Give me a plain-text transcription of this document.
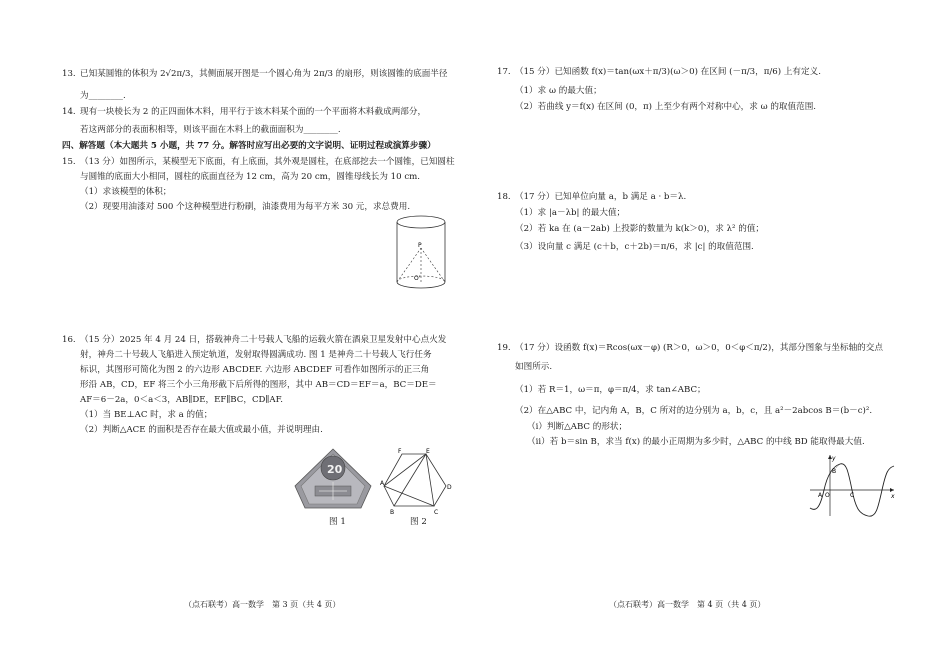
13. 已知某圆锥的体积为 2√2π/3，其侧面展开图是一个圆心角为 2π/3 的扇形，则该圆锥的底面半径
为________.
14. 现有一块棱长为 2 的正四面体木料，用平行于该木料某个面的一个平面将木料截成两部分，
若这两部分的表面积相等，则该平面在木料上的截面面积为________.
四、解答题（本大题共 5 小题，共 77 分。解答时应写出必要的文字说明、证明过程或演算步骤）
15. （13 分）如图所示，某模型无下底面，有上底面，其外观是圆柱，在底部挖去一个圆锥，已知圆柱
与圆锥的底面大小相同，圆柱的底面直径为 12 cm，高为 20 cm，圆锥母线长为 10 cm.
（1）求该模型的体积；
（2）现要用油漆对 500 个这种模型进行粉刷，油漆费用为每平方米 30 元，求总费用.
P
O'
16. （15 分）2025 年 4 月 24 日，搭载神舟二十号载人飞船的运载火箭在酒泉卫星发射中心点火发
射，神舟二十号载人飞船进入预定轨道，发射取得圆满成功. 图 1 是神舟二十号载人飞行任务
标识，其图形可简化为图 2 的六边形 ABCDEF. 六边形 ABCDEF 可看作如图所示的正三角
形沿 AB，CD，EF 将三个小三角形截下后所得的图形，其中 AB＝CD＝EF＝a，BC＝DE＝
AF＝6－2a，0＜a＜3，AB∥DE，EF∥BC，CD∥AF.
（1）当 BE⊥AC 时，求 a 的值；
（2）判断△ACE 的面积是否存在最大值或最小值，并说明理由.
20
图 1
F	E
A
D
B	C
图 2
（点石联考）高一数学　第 3 页（共 4 页）
17. （15 分）已知函数 f(x)＝tan(ωx＋π/3)(ω＞0) 在区间 (－π/3，π/6) 上有定义.
（1）求 ω 的最大值；
（2）若曲线 y＝f(x) 在区间 (0，π) 上至少有两个对称中心，求 ω 的取值范围.
18. （17 分）已知单位向量 a，b 满足 a · b＝λ.
（1）求 |a－λb| 的最大值；
（2）若 ka 在 (a－2ab) 上投影的数量为 k(k＞0)，求 λ² 的值；
（3）设向量 c 满足 (c＋b，c＋2b)＝π/6，求 |c| 的取值范围.
19. （17 分）设函数 f(x)＝Rcos(ωx－φ) (R＞0，ω＞0，0＜φ＜π/2)，其部分图象与坐标轴的交点
如图所示.
（1）若 R＝1，ω＝π，φ＝π/4，求 tan∠ABC；
（2）在△ABC 中，记内角 A，B，C 所对的边分别为 a，b，c，且 a²－2abcos B＝(b－c)².
（ⅰ）判断△ABC 的形状；
（ⅱ）若 b＝sin B，求当 f(x) 的最小正周期为多少时，△ABC 的中线 BD 能取得最大值.
y
x
A O	C
B
（点石联考）高一数学　第 4 页（共 4 页）
